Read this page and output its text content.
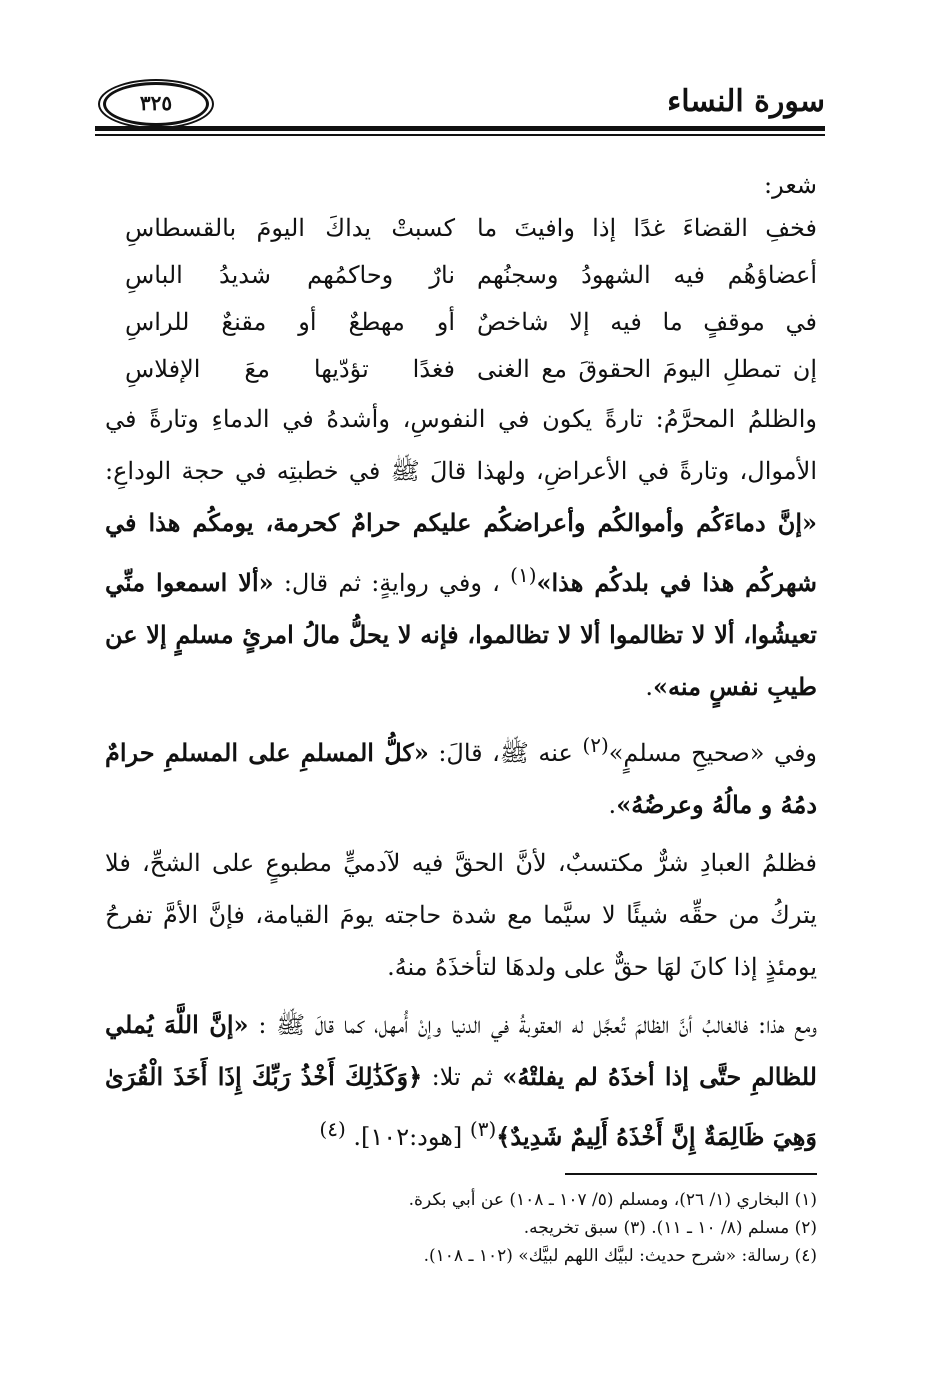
سورة النساء
٣٢٥
شعر:
فخفِ القضاءَ غدًا إذا وافيتَ ما
كسبتْ يداكَ اليومَ بالقسطاسِ
أعضاؤهُم فيه الشهودُ وسجنُهم
نارٌ وحاكمُهم شديدُ الباسِ
في موقفٍ ما فيه إلا شاخصٌ
أو مهطعٌ أو مقنعٌ للراسِ
إن تمطلِ اليومَ الحقوقَ مع الغنى
فغدًا تؤدّيها معَ الإفلاسِ

والظلمُ المحرَّمُ: تارةً يكون في النفوسِ، وأشدهُ في الدماءِ وتارةً في الأموال، وتارةً في الأعراضِ، ولهذا قالَ ﷺ في خطبتِه في حجة الوداعِ: «إنَّ دماءَكُم وأموالكُم وأعراضكُم عليكم حرامٌ كحرمة، يومكُم هذا في شهركُم هذا في بلدكُم هذا»$^{(١)}$ ، وفي روايةٍ: ثم قال: «ألا اسمعوا منِّي تعيشُوا، ألا لا تظالموا ألا لا تظالموا، فإنه لا يحلُّ مالُ امرئٍ مسلمٍ إلا عن طيبِ نفسٍ منه».

وفي «صحيحِ مسلمٍ»$^{(٢)}$ عنه ﷺ، قالَ: «كلُّ المسلمِ على المسلمِ حرامٌ دمُهُ و مالُهُ وعرضُهُ».

فظلمُ العبادِ شرٌّ مكتسبٌ، لأنَّ الحقَّ فيه لآدميٍّ مطبوعٍ على الشحِّ، فلا يتركُ من حقِّه شيئًا لا سيَّما مع شدة حاجته يومَ القيامة، فإنَّ الأمَّ تفرحُ يومئذٍ إذا كانَ لهَا حقٌّ على ولدهَا لتأخذَهُ منهُ.

ومع هذا: فالغالبُ أنَّ الظالمَ تُعجَّل له العقوبةُ في الدنيا وإنْ أُمهل، كما قالَ ﷺ : «إنَّ اللَّهَ يُملي للظالمِ حتَّى إذا أخذَهُ لم يفلتْهُ» ثم تلا: ﴿وَكَذَٰلِكَ أَخْذُ رَبِّكَ إِذَا أَخَذَ الْقُرَىٰ وَهِيَ ظَالِمَةٌ إِنَّ أَخْذَهُ أَلِيمٌ شَدِيدٌ﴾$^{(٣)}$ [هود:١٠٢]. $^{(٤)}$

(١) البخاري (١/ ٢٦)، ومسلم (٥/ ١٠٧ ـ ١٠٨) عن أبي بكرة.
(٢) مسلم (٨/ ١٠ ـ ١١). (٣) سبق تخريجه.
(٤) رسالة: «شرح حديث: لبيَّك اللهم لبيَّك» (١٠٢ ـ ١٠٨).
